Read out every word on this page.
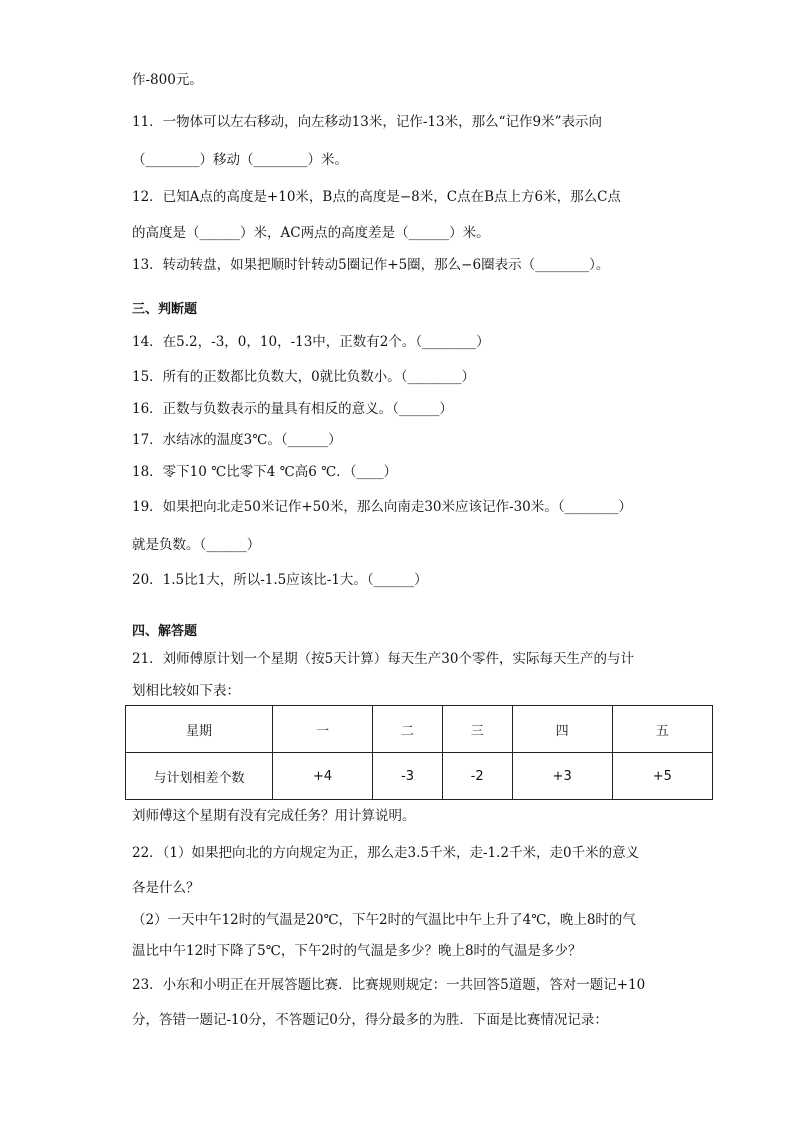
作-800元。
11．一物体可以左右移动，向左移动13米，记作-13米，那么“记作9米”表示向
（________）移动（________）米。
12．已知A点的高度是+10米，B点的高度是−8米，C点在B点上方6米，那么C点
的高度是（______）米，AC两点的高度差是（______）米。
13．转动转盘，如果把顺时针转动5圈记作+5圈，那么−6圈表示（________）。
三、判断题
14．在5.2，-3，0，10，-13中，正数有2个。（________）
15．所有的正数都比负数大，0就比负数小。（________）
16．正数与负数表示的量具有相反的意义。（______）
17．水结冰的温度3℃。（______）
18．零下10 ℃比零下4 ℃高6 ℃．（____）
19．如果把向北走50米记作+50米，那么向南走30米应该记作-30米。（________）
就是负数。（______）
20．1.5比1大，所以-1.5应该比-1大。（______）
四、解答题
21．刘师傅原计划一个星期（按5天计算）每天生产30个零件，实际每天生产的与计
划相比较如下表：
星期	一	二	三	四	五
与计划相差个数	+4	-3	-2	+3	+5
刘师傅这个星期有没有完成任务？用计算说明。
22．（1）如果把向北的方向规定为正，那么走3.5千米，走-1.2千米，走0千米的意义
各是什么？
（2）一天中午12时的气温是20℃，下午2时的气温比中午上升了4℃，晚上8时的气
温比中午12时下降了5℃，下午2时的气温是多少？晚上8时的气温是多少？
23．小东和小明正在开展答题比赛．比赛规则规定：一共回答5道题，答对一题记+10
分，答错一题记-10分，不答题记0分，得分最多的为胜．下面是比赛情况记录：
